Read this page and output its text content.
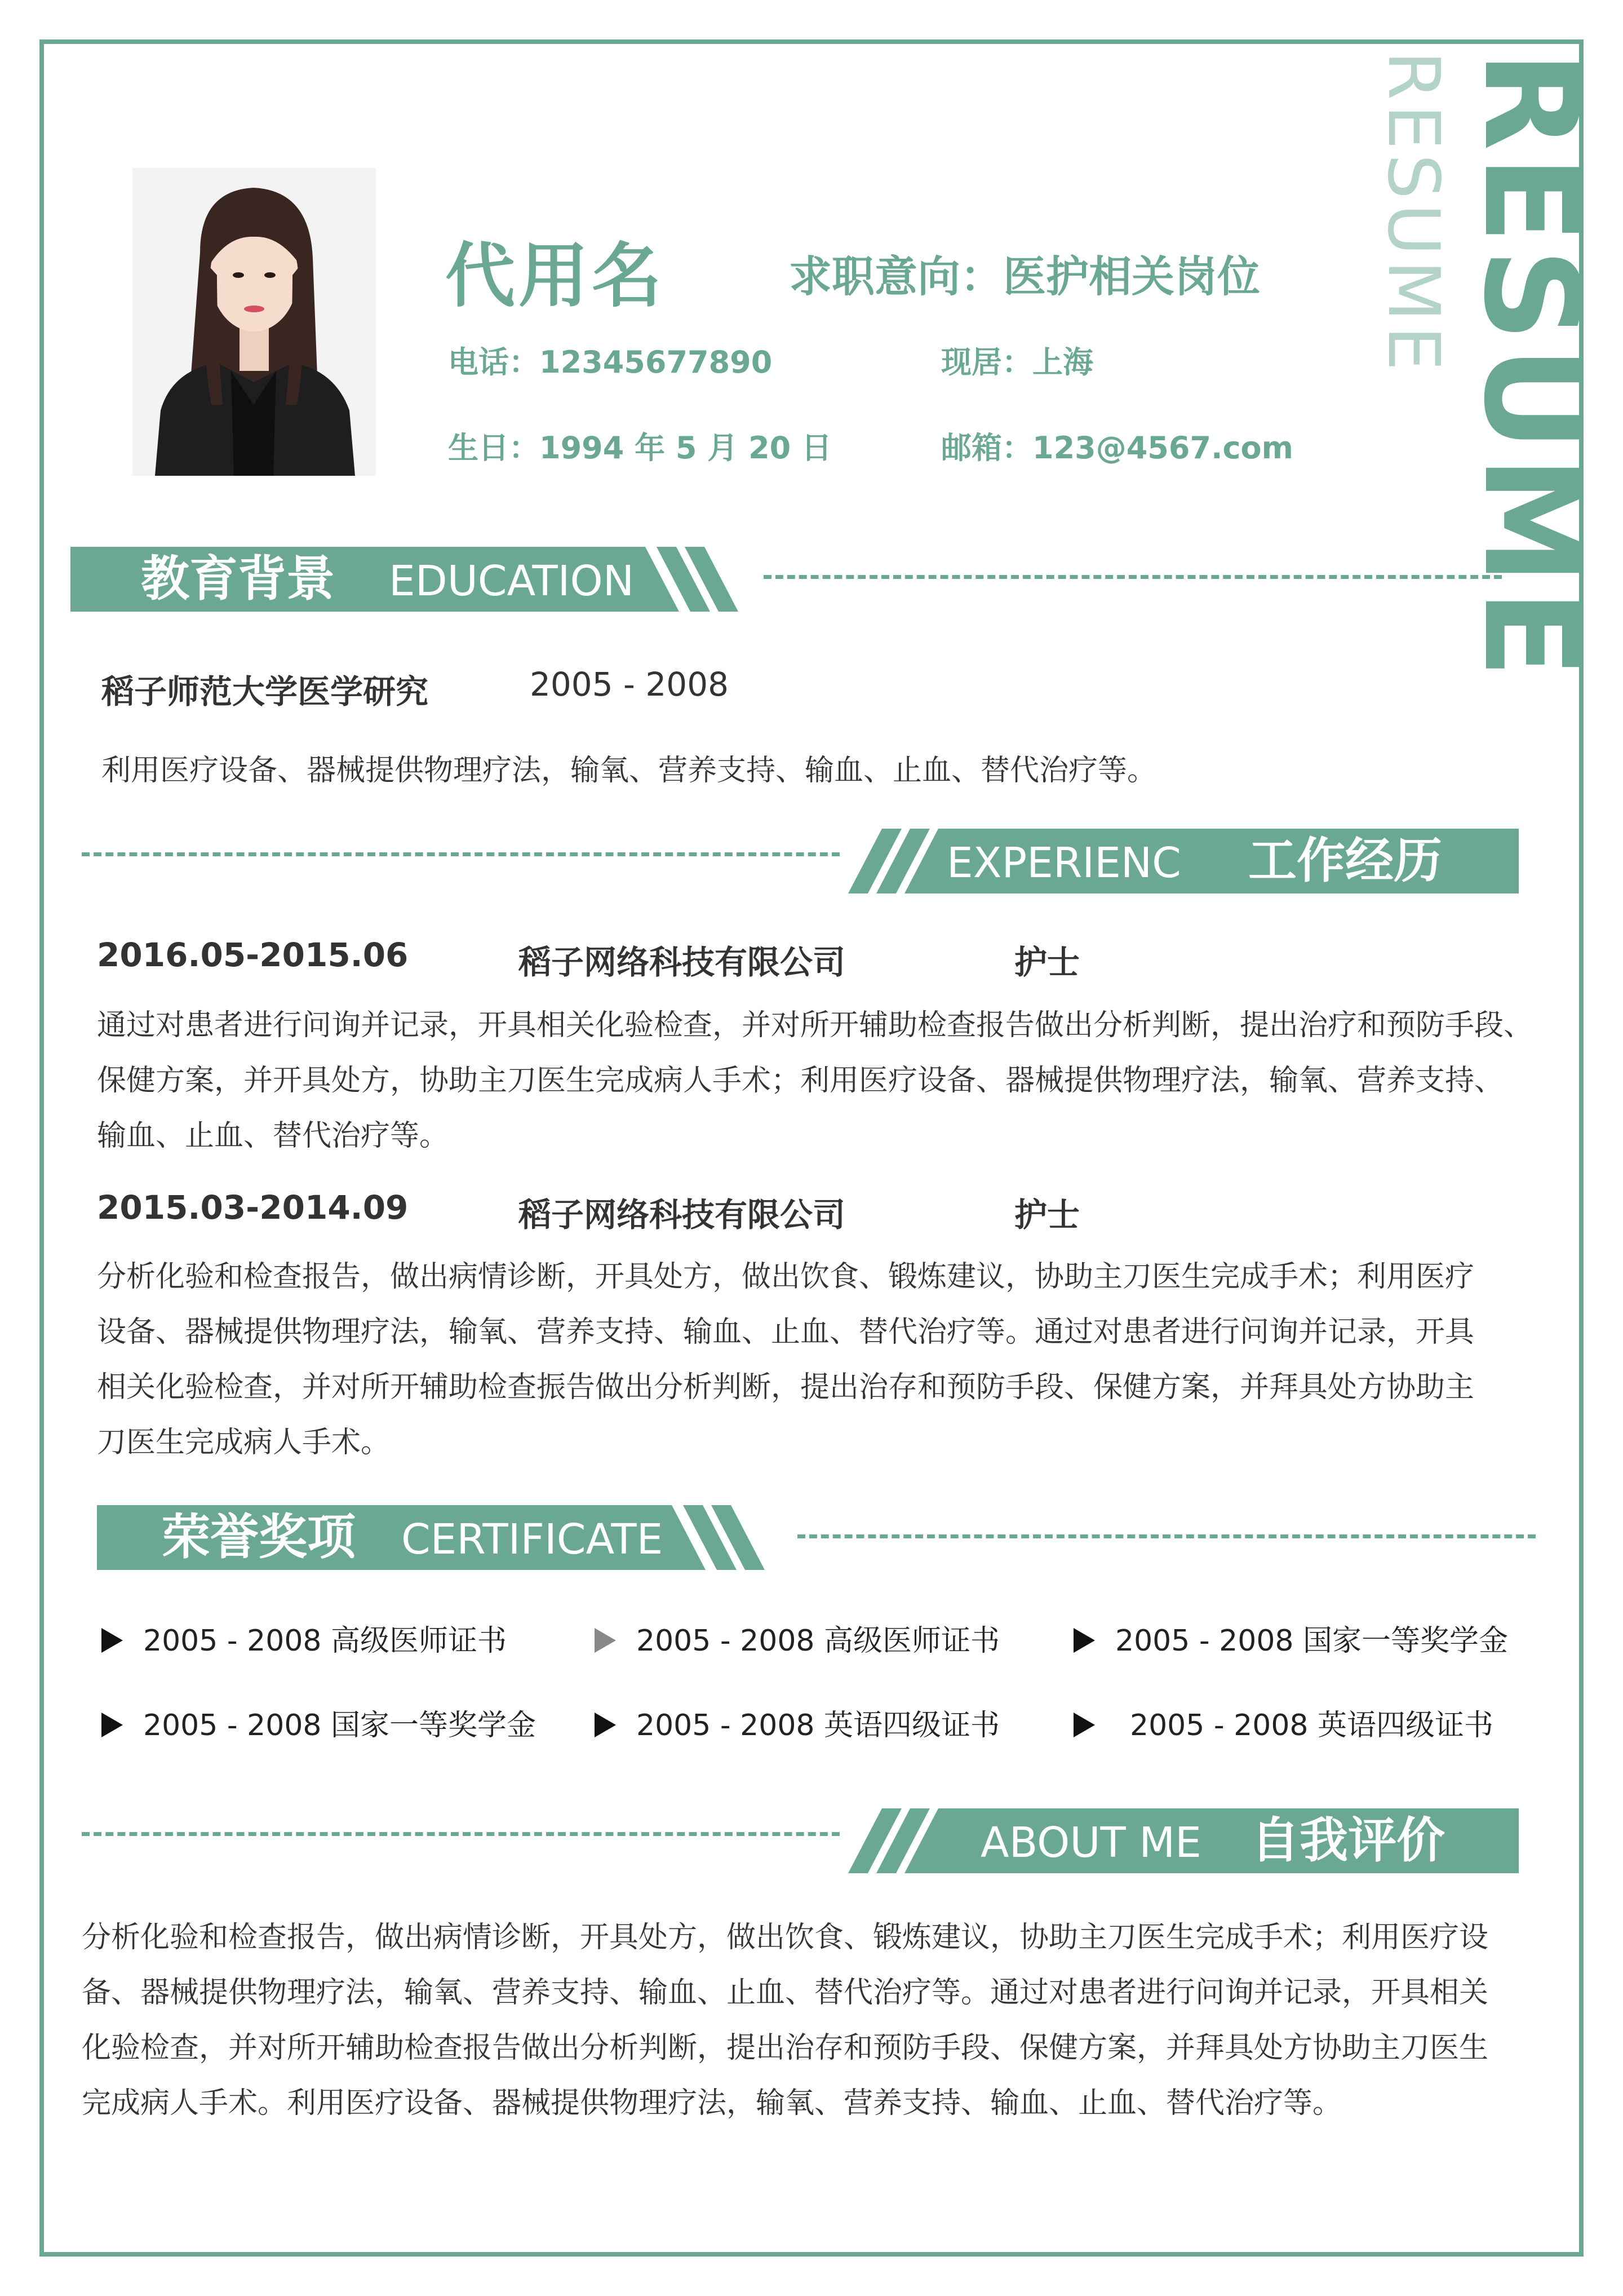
代用名	求职意向：医护相关岗位
电话：12345677890	现居：上海
生日：1994 年 5 月 20 日	邮箱：123@4567.com RESUME
RESUME
教育背景 EDUCATION
稻子师范大学医学研究	2005 - 2008
利用医疗设备、器械提供物理疗法，输氧、营养支持、输血、止血、替代治疗等。
EXPERIENC 工作经历
2016.05-2015.06	稻子网络科技有限公司	护士
通过对患者进行问询并记录，开具相关化验检查，并对所开辅助检查报告做出分析判断，提出治疗和预防手段、
保健方案，并开具处方，协助主刀医生完成病人手术；利用医疗设备、器械提供物理疗法，输氧、营养支持、
输血、止血、替代治疗等。
2015.03-2014.09	稻子网络科技有限公司	护士
分析化验和检查报告，做出病情诊断，开具处方，做出饮食、锻炼建议，协助主刀医生完成手术；利用医疗
设备、器械提供物理疗法，输氧、营养支持、输血、止血、替代治疗等。通过对患者进行问询并记录，开具
相关化验检查，并对所开辅助检查振告做出分析判断，提出治存和预防手段、保健方案，并拜具处方协助主
刀医生完成病人手术。
荣誉奖项 CERTIFICATE
2005 - 2008 高级医师证书	2005 - 2008 高级医师证书	2005 - 2008 国家一等奖学金
2005 - 2008 国家一等奖学金	2005 - 2008 英语四级证书	2005 - 2008 英语四级证书
ABOUT ME 自我评价
分析化验和检查报告，做出病情诊断，开具处方，做出饮食、锻炼建议，协助主刀医生完成手术；利用医疗设
备、器械提供物理疗法，输氧、营养支持、输血、止血、替代治疗等。通过对患者进行问询并记录，开具相关
化验检查，并对所开辅助检查报告做出分析判断，提出治存和预防手段、保健方案，并拜具处方协助主刀医生
完成病人手术。利用医疗设备、器械提供物理疗法，输氧、营养支持、输血、止血、替代治疗等。
